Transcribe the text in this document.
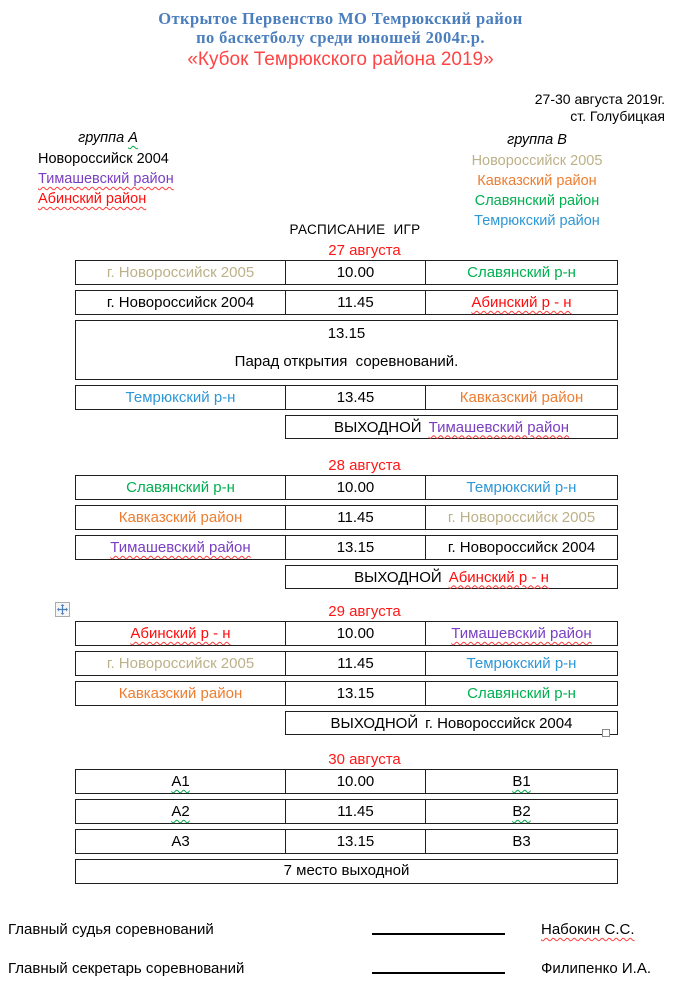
Открытое Первенство МО Темрюкский район
по баскетболу среди юношей 2004г.р.
«Кубок Темрюкского района 2019»
27-30 августа 2019г.
ст. Голубицкая
группа А
Новороссийск 2004
Тимашевский район
Абинский район
группа В
Новороссийск 2005
Кавказский район
Славянский район
Темрюкский район
РАСПИСАНИЕ  ИГР
27 августа
г. Новороссийск 2005	10.00	Славянский р-н
г. Новороссийск 2004	11.45	Абинский р - н
13.15
Парад открытия  соревнований.
Темрюкский р-н	13.45	Кавказский район
ВЫХОДНОЙ Тимашевский район
28 августа
Славянский р-н	10.00	Темрюкский р-н
Кавказский район	11.45	г. Новороссийск 2005
Тимашевский район	13.15	г. Новороссийск 2004
ВЫХОДНОЙ Абинский р - н
29 августа
Абинский р - н	10.00	Тимашевский район
г. Новороссийск 2005	11.45	Темрюкский р-н
Кавказский район	13.15	Славянский р-н
ВЫХОДНОЙ г. Новороссийск 2004
30 августа
А1	10.00	В1
А2	11.45	В2
А3	13.15	В3
7 место выходной
Главный судья соревнований	Набокин С.С.
Главный секретарь соревнований	Филипенко И.А.
